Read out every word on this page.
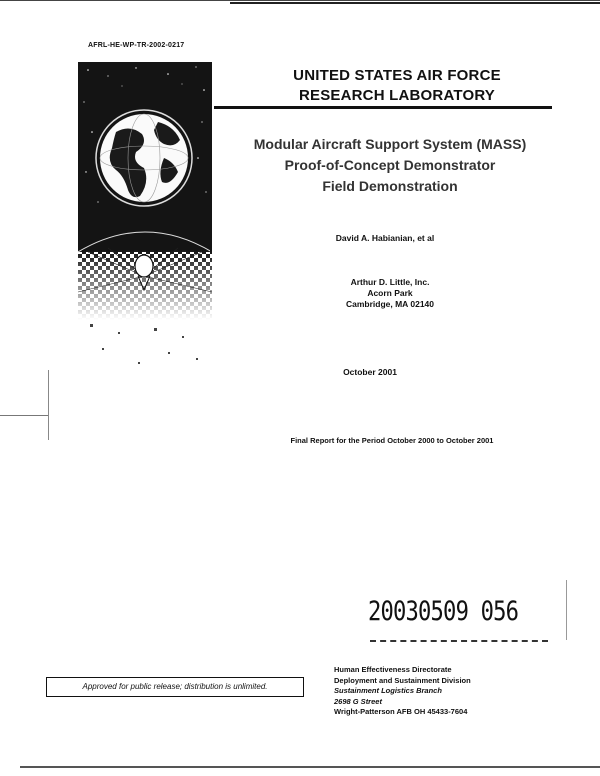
AFRL-HE-WP-TR-2002-0217
UNITED STATES AIR FORCE
RESEARCH LABORATORY
Modular Aircraft Support System (MASS)
Proof-of-Concept Demonstrator
Field Demonstration
David A. Habianian, et al
Arthur D. Little, Inc.
Acorn Park
Cambridge, MA 02140
October 2001
Final Report for the Period October 2000 to October 2001
20030509 056
Approved for public release; distribution is unlimited.
Human Effectiveness Directorate
Deployment and Sustainment Division
Sustainment Logistics Branch
2698 G Street
Wright-Patterson AFB OH 45433-7604
